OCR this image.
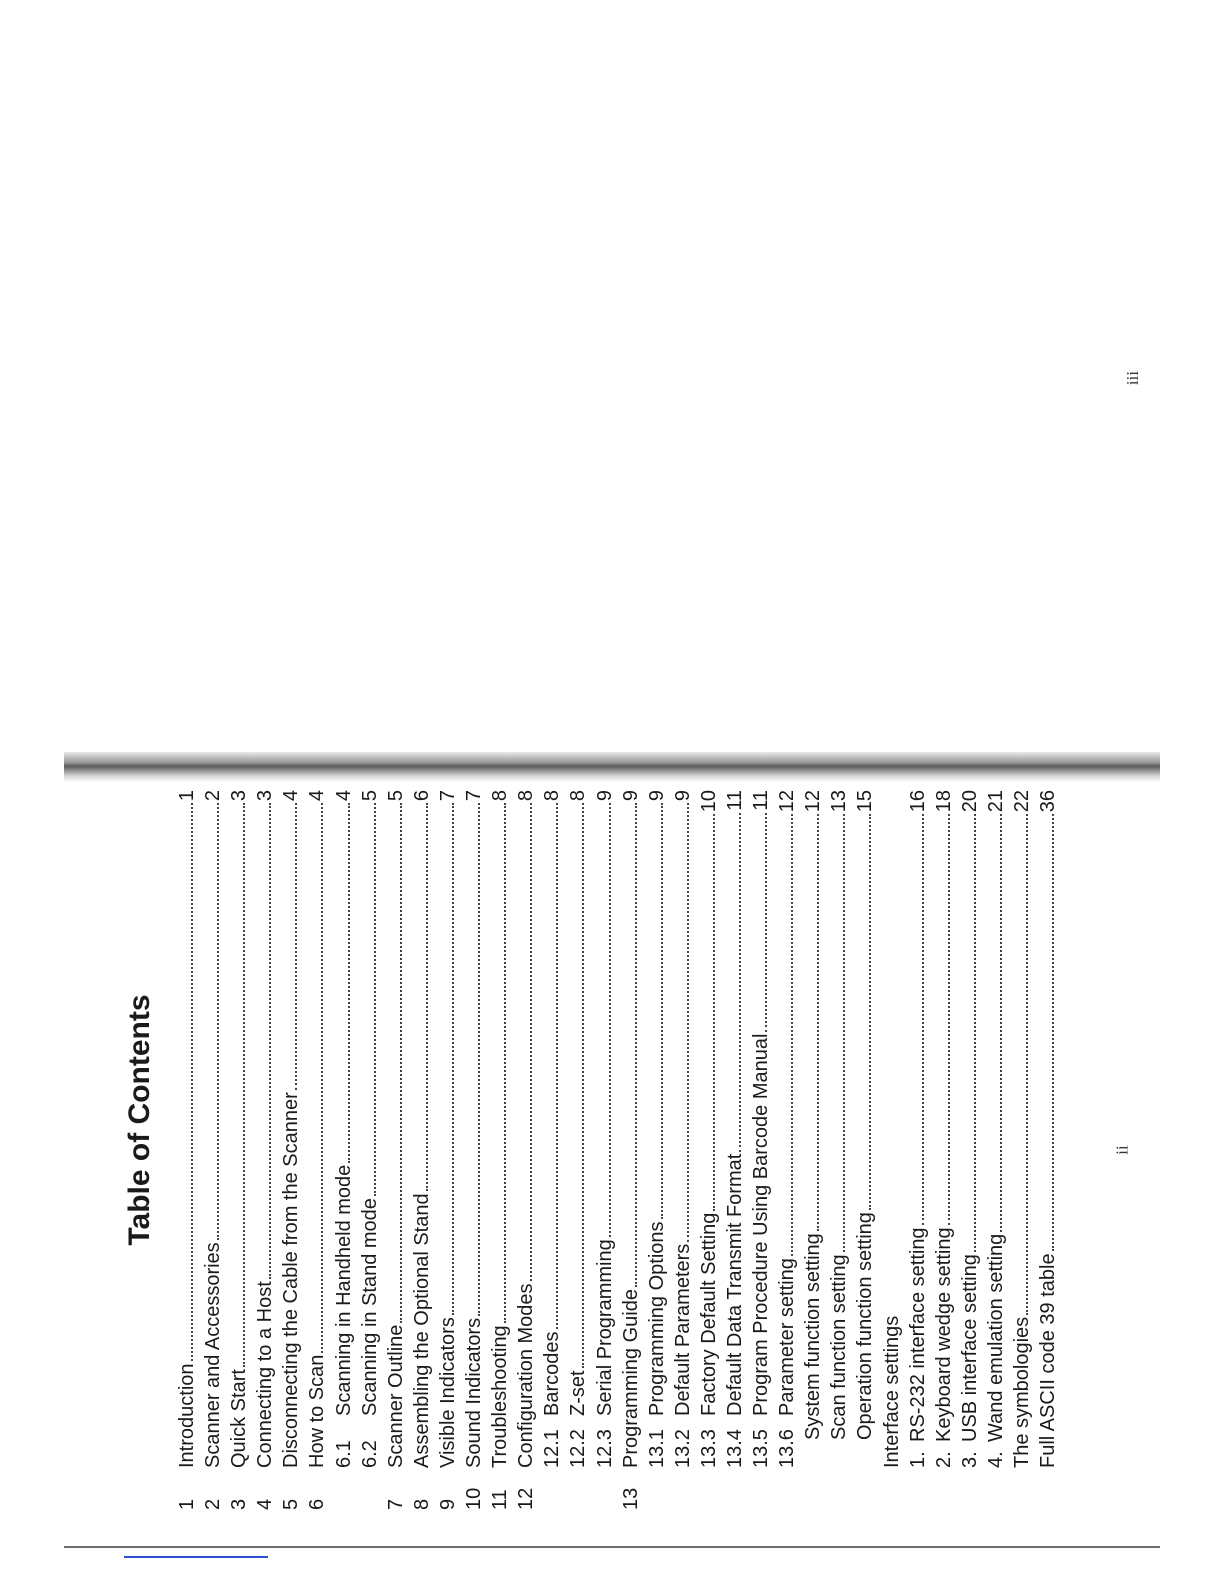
ii
iii
Table of Contents
1
Introduction
1
2
Scanner and Accessories
2
3
Quick Start
3
4
Connecting to a Host
3
5
Disconnecting the Cable from the Scanner
4
6
How to Scan
4
6.1
Scanning in Handheld mode
4
6.2
Scanning in Stand mode
5
7
Scanner Outline
5
8
Assembling the Optional Stand
6
9
Visible Indicators
7
10
Sound Indicators
7
11
Troubleshooting
8
12
Configuration Modes
8
12.1
Barcodes
8
12.2
Z-set
8
12.3
Serial Programming
9
13
Programming Guide
9
13.1
Programming Options
9
13.2
Default Parameters
9
13.3
Factory Default Setting
10
13.4
Default Data Transmit Format
11
13.5
Program Procedure Using Barcode Manual
11
13.6
Parameter setting
12
System function setting
12
Scan function setting
13
Operation function setting
15
Interface settings 1.
RS-232 interface setting
16
2.
Keyboard wedge setting
18
3.
USB interface setting
20
4.
Wand emulation setting
21
The symbologies
22
Full ASCII code 39 table
36
